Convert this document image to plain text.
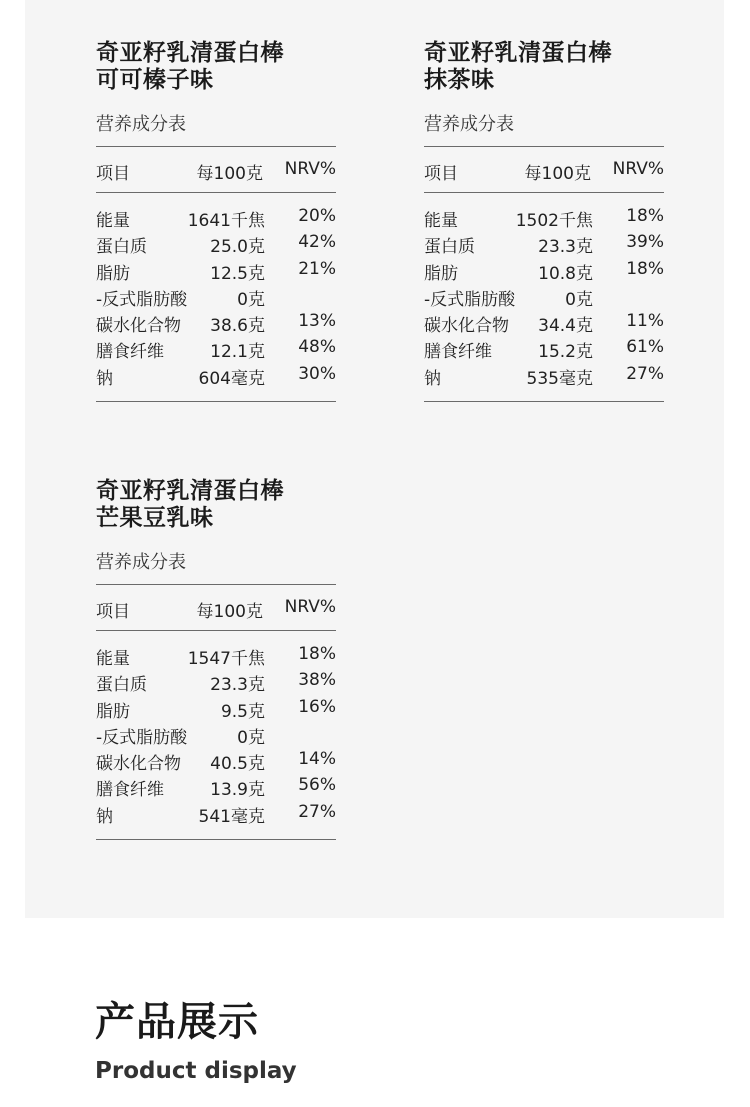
奇亚籽乳清蛋白棒
可可榛子味
营养成分表
项目	每100克 NRV%
能量	1641千焦 20%
蛋白质	25.0克 42%
脂肪	12.5克 21%
-反式脂肪酸	0克
碳水化合物 38.6克 13%
膳食纤维	12.1克 48%
钠	604毫克 30%
奇亚籽乳清蛋白棒
抹茶味
营养成分表
项目	每100克 NRV%
能量	1502千焦 18%
蛋白质	23.3克 39%
脂肪	10.8克 18%
-反式脂肪酸	0克
碳水化合物 34.4克 11%
膳食纤维	15.2克 61%
钠	535毫克 27%
奇亚籽乳清蛋白棒
芒果豆乳味
营养成分表
项目	每100克 NRV%
能量	1547千焦 18%
蛋白质	23.3克 38%
脂肪	9.5克 16%
-反式脂肪酸	0克
碳水化合物 40.5克 14%
膳食纤维	13.9克 56%
钠	541毫克 27%
产品展示
Product display
